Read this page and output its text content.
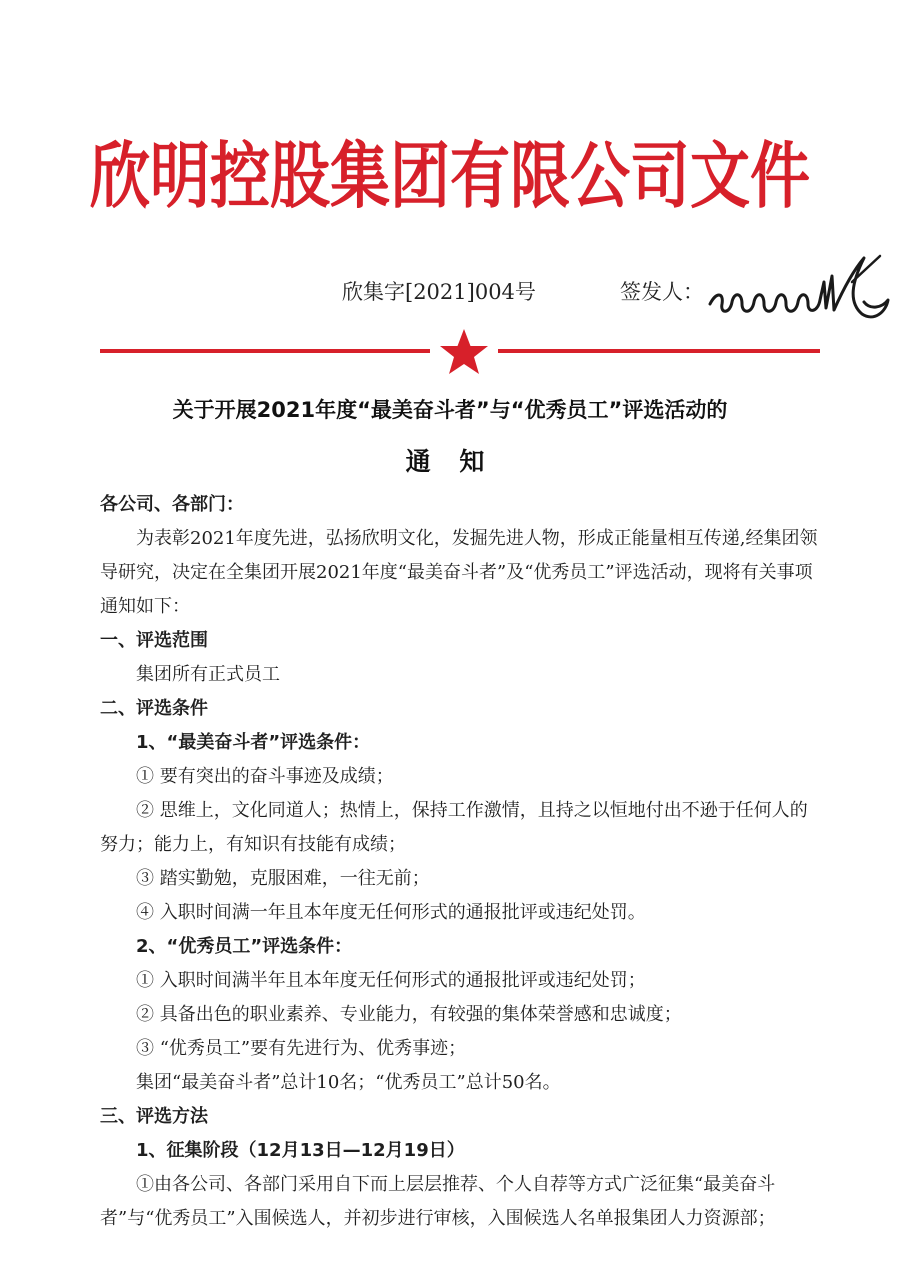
欣明控股集团有限公司文件
欣集字[2021]004号	签发人：
关于开展2021年度“最美奋斗者”与“优秀员工”评选活动的
通 知

各公司、各部门：

为表彰2021年度先进，弘扬欣明文化，发掘先进人物，形成正能量相互传递,经集团领导研究，决定在全集团开展2021年度“最美奋斗者”及“优秀员工”评选活动，现将有关事项通知如下：

一、评选范围

集团所有正式员工

二、评选条件

1、“最美奋斗者”评选条件：

① 要有突出的奋斗事迹及成绩；

② 思维上，文化同道人；热情上，保持工作激情，且持之以恒地付出不逊于任何人的努力；能力上，有知识有技能有成绩；

③ 踏实勤勉，克服困难，一往无前；

④ 入职时间满一年且本年度无任何形式的通报批评或违纪处罚。

2、“优秀员工”评选条件：

① 入职时间满半年且本年度无任何形式的通报批评或违纪处罚；

② 具备出色的职业素养、专业能力，有较强的集体荣誉感和忠诚度；

③ “优秀员工”要有先进行为、优秀事迹；

集团“最美奋斗者”总计10名；“优秀员工”总计50名。

三、评选方法

1、征集阶段（12月13日—12月19日）

①由各公司、各部门采用自下而上层层推荐、个人自荐等方式广泛征集“最美奋斗者”与“优秀员工”入围候选人，并初步进行审核，入围候选人名单报集团人力资源部；
